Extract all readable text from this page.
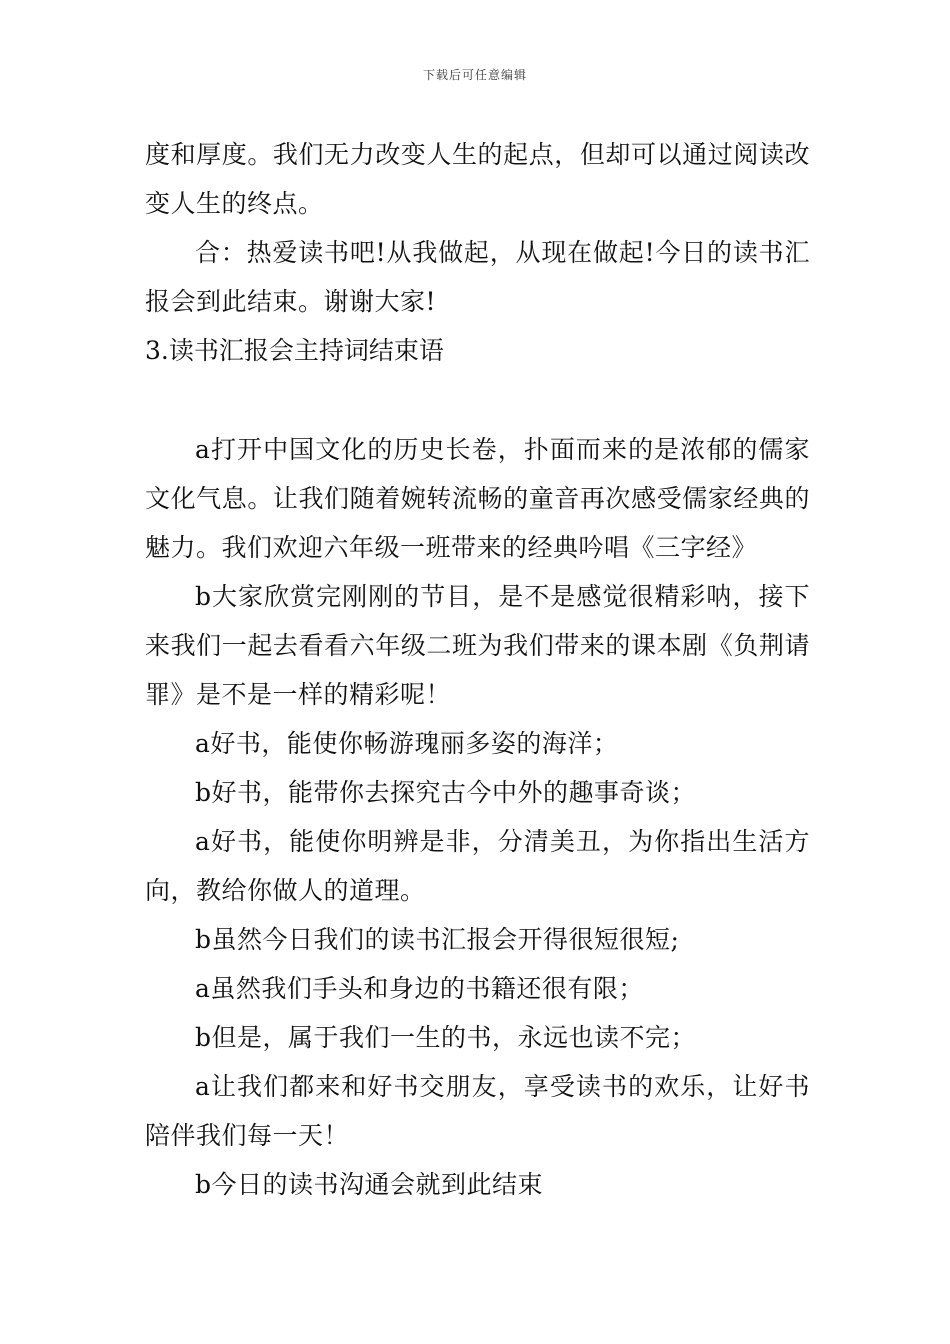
下载后可任意编辑

度和厚度。我们无力改变人生的起点，但却可以通过阅读改变人生的终点。

合：热爱读书吧!从我做起，从现在做起!今日的读书汇报会到此结束。谢谢大家!

3.读书汇报会主持词结束语

a打开中国文化的历史长卷，扑面而来的是浓郁的儒家文化气息。让我们随着婉转流畅的童音再次感受儒家经典的魅力。我们欢迎六年级一班带来的经典吟唱《三字经》

b大家欣赏完刚刚的节目，是不是感觉很精彩呐，接下来我们一起去看看六年级二班为我们带来的课本剧《负荆请罪》是不是一样的精彩呢！

a好书，能使你畅游瑰丽多姿的海洋；

b好书，能带你去探究古今中外的趣事奇谈；

a好书，能使你明辨是非，分清美丑，为你指出生活方向，教给你做人的道理。

b虽然今日我们的读书汇报会开得很短很短;

a虽然我们手头和身边的书籍还很有限；

b但是，属于我们一生的书，永远也读不完；

a让我们都来和好书交朋友，享受读书的欢乐，让好书陪伴我们每一天！

b今日的读书沟通会就到此结束
